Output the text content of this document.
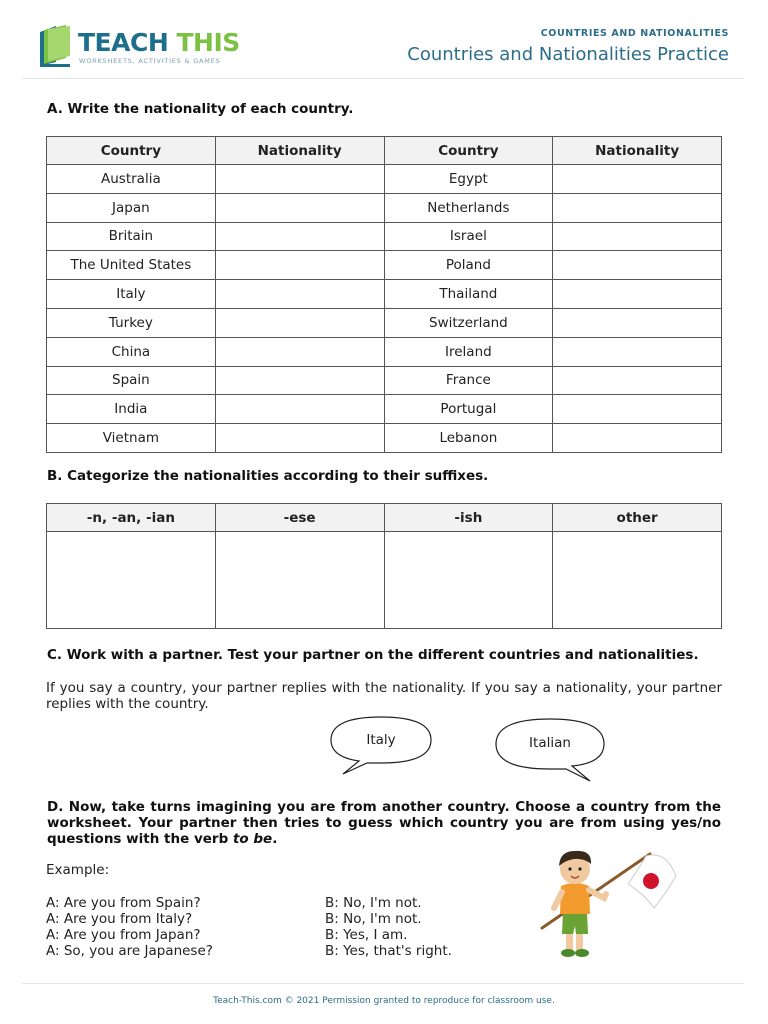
TEACH THIS
WORKSHEETS, ACTIVITIES & GAMES
COUNTRIES AND NATIONALITIES
Countries and Nationalities Practice
A. Write the nationality of each country.
Country	Nationality	Country	Nationality
Australia		Egypt	
Japan		Netherlands	
Britain		Israel	
The United States		Poland	
Italy		Thailand	
Turkey		Switzerland	
China		Ireland	
Spain		France	
India		Portugal	
Vietnam		Lebanon	
B. Categorize the nationalities according to their suffixes.
-n, -an, -ian	-ese	-ish	other

C. Work with a partner. Test your partner on the different countries and nationalities.
If you say a country, your partner replies with the nationality. If you say a nationality, your partner replies with the country.
Italy	Italian
D. Now, take turns imagining you are from another country. Choose a country from the worksheet. Your partner then tries to guess which country you are from using yes/no questions with the verb to be.
Example:
A: Are you from Spain?
A: Are you from Italy?
A: Are you from Japan?
A: So, you are Japanese?
B: No, I'm not.
B: No, I'm not.
B: Yes, I am.
B: Yes, that's right.
Teach-This.com © 2021 Permission granted to reproduce for classroom use.
